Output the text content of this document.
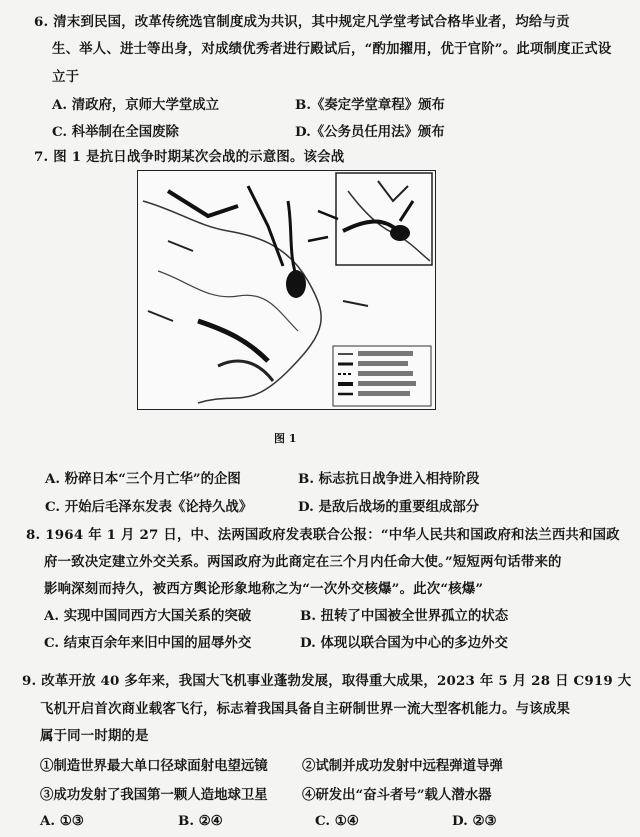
6. 清末到民国，改革传统选官制度成为共识，其中规定凡学堂考试合格毕业者，均给与贡
生、举人、进士等出身，对成绩优秀者进行殿试后，“酌加擢用，优于官阶”。此项制度正式设
立于
A. 清政府，京师大学堂成立	B.《奏定学堂章程》颁布
C. 科举制在全国废除	D.《公务员任用法》颁布
7. 图 1 是抗日战争时期某次会战的示意图。该会战
图 1
A. 粉碎日本“三个月亡华”的企图	B. 标志抗日战争进入相持阶段
C. 开始后毛泽东发表《论持久战》	D. 是敌后战场的重要组成部分
8. 1964 年 1 月 27 日，中、法两国政府发表联合公报：“中华人民共和国政府和法兰西共和国政
府一致决定建立外交关系。两国政府为此商定在三个月内任命大使。”短短两句话带来的
影响深刻而持久，被西方舆论形象地称之为“一次外交核爆”。此次“核爆”
A. 实现中国同西方大国关系的突破	B. 扭转了中国被全世界孤立的状态
C. 结束百余年来旧中国的屈辱外交	D. 体现以联合国为中心的多边外交
9. 改革开放 40 多年来，我国大飞机事业蓬勃发展，取得重大成果，2023 年 5 月 28 日 C919 大
飞机开启首次商业载客飞行，标志着我国具备自主研制世界一流大型客机能力。与该成果
属于同一时期的是
①制造世界最大单口径球面射电望远镜	②试制并成功发射中远程弹道导弹
③成功发射了我国第一颗人造地球卫星	④研发出“奋斗者号”载人潜水器
A. ①③	B. ②④	C. ①④	D. ②③
